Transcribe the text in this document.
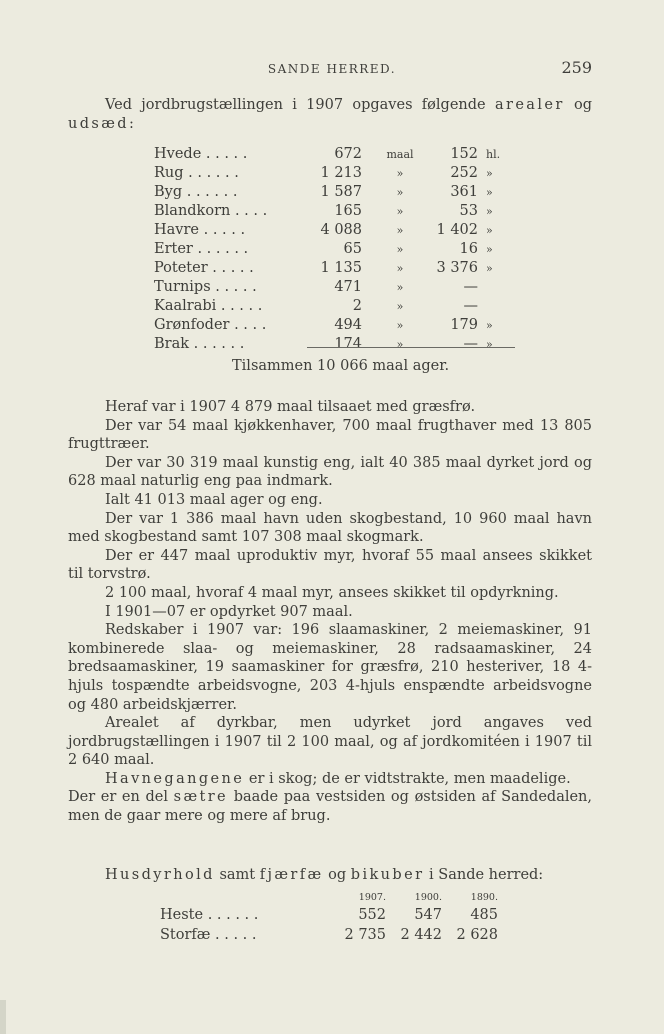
SANDE HERRED.	259

Ved jordbrugstællingen i 1907 opgaves følgende arealer og udsæd:

Hvede . . . . .	672	maal	152	hl.
Rug . . . . . .	1 213	»	252	»
Byg . . . . . .	1 587	»	361	»
Blandkorn . . . .	165	»	53	»
Havre . . . . .	4 088	»	1 402	»
Erter . . . . . .	65	»	16	»
Poteter . . . . .	1 135	»	3 376	»
Turnips . . . . .	471	»	—	
Kaalrabi . . . . .	2	»	—	
Grønfoder . . . .	494	»	179	»
Brak . . . . . .	174	»	—	»
Tilsammen 10 066 maal ager.

Heraf var i 1907 4 879 maal tilsaaet med græsfrø.

Der var 54 maal kjøkkenhaver, 700 maal frugthaver med 13 805 frugttræer.

Der var 30 319 maal kunstig eng, ialt 40 385 maal dyrket jord og 628 maal naturlig eng paa indmark.

Ialt 41 013 maal ager og eng.

Der var 1 386 maal havn uden skogbestand, 10 960 maal havn med skogbestand samt 107 308 maal skogmark.

Der er 447 maal uproduktiv myr, hvoraf 55 maal ansees skikket til torvstrø.

2 100 maal, hvoraf 4 maal myr, ansees skikket til opdyrkning.

I 1901—07 er opdyrket 907 maal.

Redskaber i 1907 var: 196 slaamaskiner, 2 meiemaskiner, 91 kombinerede slaa- og meiemaskiner, 28 radsaamaskiner, 24 bredsaamaskiner, 19 saamaskiner for græsfrø, 210 hesteriver, 18 4-hjuls tospændte arbeidsvogne, 203 4-hjuls enspændte arbeidsvogne og 480 arbeidskjærrer.

Arealet af dyrkbar, men udyrket jord angaves ved jordbrugstællingen i 1907 til 2 100 maal, og af jordkomitéen i 1907 til 2 640 maal.

Havnegangene er i skog; de er vidtstrakte, men maadelige.

Der er en del sætre baade paa vestsiden og østsiden af Sandedalen, men de gaar mere og mere af brug.

Husdyrhold samt fjærfæ og bikuber i Sande herred:

	1907.	1900.	1890.
Heste . . . . . .	552	547	485
Storfæ . . . . .	2 735	2 442	2 628
